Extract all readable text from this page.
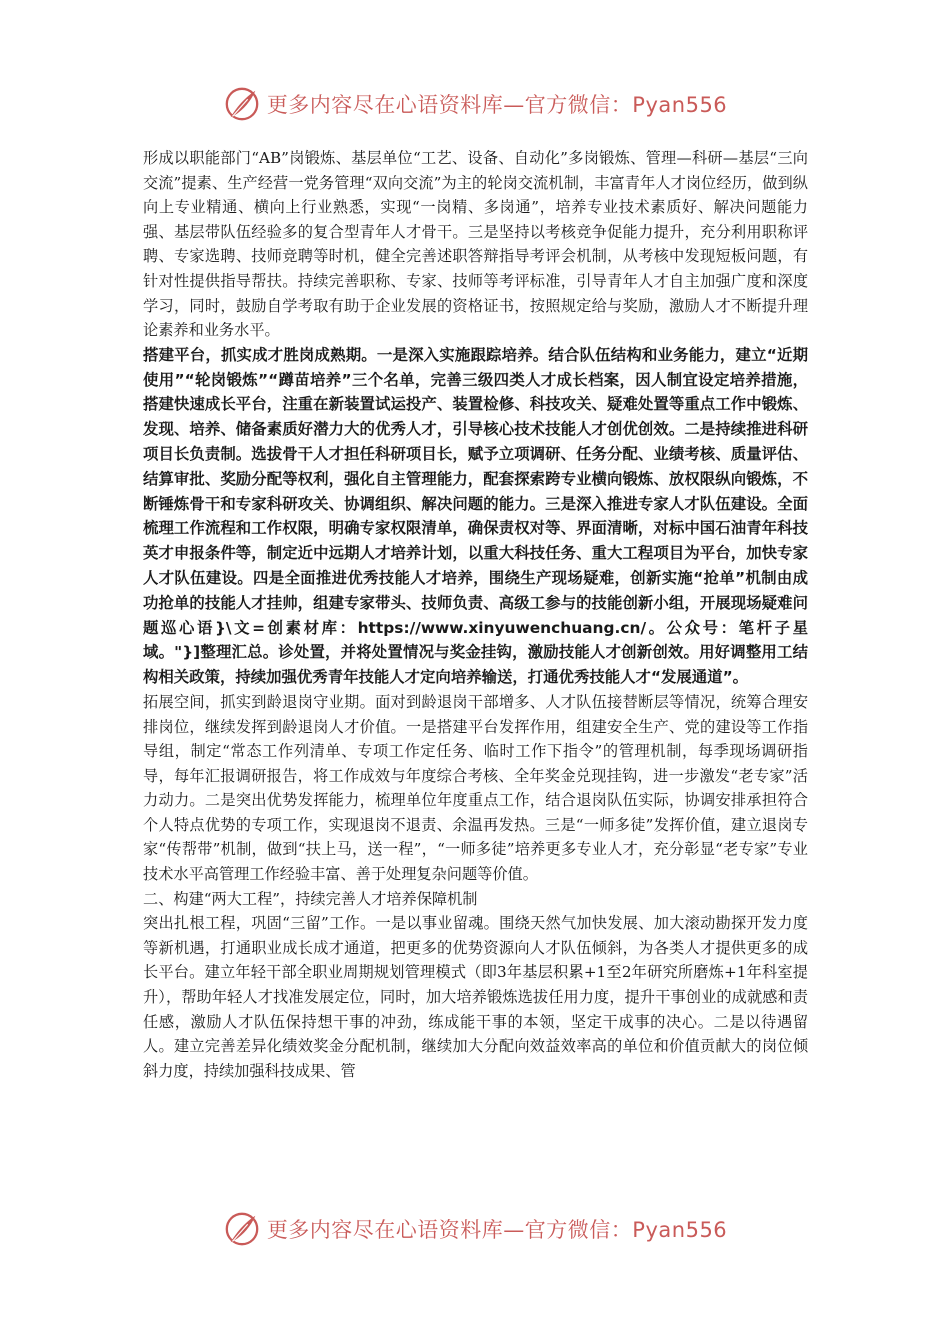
更多内容尽在心语资料库—官方微信：Pyan556

形成以职能部门“AB”岗锻炼、基层单位“工艺、设备、自动化”多岗锻炼、管理—科研—基层“三向交流”提素、生产经营一党务管理“双向交流”为主的轮岗交流机制，丰富青年人才岗位经历，做到纵向上专业精通、横向上行业熟悉，实现“一岗精、多岗通”，培养专业技术素质好、解决问题能力强、基层带队伍经验多的复合型青年人才骨干。三是坚持以考核竞争促能力提升，充分利用职称评聘、专家选聘、技师竞聘等时机，健全完善述职答辩指导考评会机制，从考核中发现短板问题，有针对性提供指导帮扶。持续完善职称、专家、技师等考评标准，引导青年人才自主加强广度和深度学习，同时，鼓励自学考取有助于企业发展的资格证书，按照规定给与奖励，激励人才不断提升理论素养和业务水平。

搭建平台，抓实成才胜岗成熟期。一是深入实施跟踪培养。结合队伍结构和业务能力，建立“近期使用”“轮岗锻炼”“蹲苗培养”三个名单，完善三级四类人才成长档案，因人制宜设定培养措施，搭建快速成长平台，注重在新装置试运投产、装置检修、科技攻关、疑难处置等重点工作中锻炼、发现、培养、储备素质好潜力大的优秀人才，引导核心技术技能人才创优创效。二是持续推进科研项目长负责制。选拔骨干人才担任科研项目长，赋予立项调研、任务分配、业绩考核、质量评估、结算审批、奖励分配等权利，强化自主管理能力，配套探索跨专业横向锻炼、放权限纵向锻炼，不断锤炼骨干和专家科研攻关、协调组织、解决问题的能力。三是深入推进专家人才队伍建设。全面梳理工作流程和工作权限，明确专家权限清单，确保责权对等、界面清晰，对标中国石油青年科技英才申报条件等，制定近中远期人才培养计划，以重大科技任务、重大工程项目为平台，加快专家人才队伍建设。四是全面推进优秀技能人才培养，围绕生产现场疑难，创新实施“抢单”机制由成功抢单的技能人才挂帅，组建专家带头、技师负责、高级工参与的技能创新小组，开展现场疑难问题巡心语}\文=创素材库：https://www.xinyuwenchuang.cn/。公众号：笔杆子星域。"}]整理汇总。诊处置，并将处置情况与奖金挂钩，激励技能人才创新创效。用好调整用工结构相关政策，持续加强优秀青年技能人才定向培养输送，打通优秀技能人才“发展通道”。

拓展空间，抓实到龄退岗守业期。面对到龄退岗干部增多、人才队伍接替断层等情况，统筹合理安排岗位，继续发挥到龄退岗人才价值。一是搭建平台发挥作用，组建安全生产、党的建设等工作指导组，制定“常态工作列清单、专项工作定任务、临时工作下指令”的管理机制，每季现场调研指导，每年汇报调研报告，将工作成效与年度综合考核、全年奖金兑现挂钩，进一步激发“老专家”活力动力。二是突出优势发挥能力，梳理单位年度重点工作，结合退岗队伍实际，协调安排承担符合个人特点优势的专项工作，实现退岗不退责、余温再发热。三是“一师多徒”发挥价值，建立退岗专家“传帮带”机制，做到“扶上马，送一程”，“一师多徒”培养更多专业人才，充分彰显“老专家”专业技术水平高管理工作经验丰富、善于处理复杂问题等价值。

二、构建“两大工程”，持续完善人才培养保障机制

突出扎根工程，巩固“三留”工作。一是以事业留魂。围绕天然气加快发展、加大滚动勘探开发力度等新机遇，打通职业成长成才通道，把更多的优势资源向人才队伍倾斜，为各类人才提供更多的成长平台。建立年轻干部全职业周期规划管理模式（即3年基层积累+1至2年研究所磨炼+1年科室提升），帮助年轻人才找准发展定位，同时，加大培养锻炼选拔任用力度，提升干事创业的成就感和责任感，激励人才队伍保持想干事的冲劲，练成能干事的本领，坚定干成事的决心。二是以待遇留人。建立完善差异化绩效奖金分配机制，继续加大分配向效益效率高的单位和价值贡献大的岗位倾斜力度，持续加强科技成果、管

更多内容尽在心语资料库—官方微信：Pyan556
